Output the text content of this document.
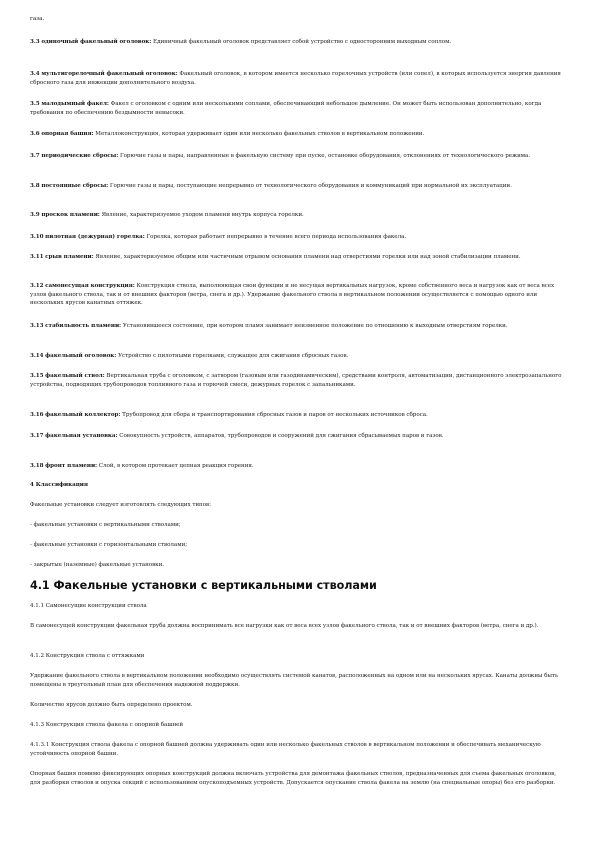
газа.

3.3 одиночный факельный оголовок: Единичный факельный оголовок представляет собой устройство с односторонним выходным соплом.

3.4 мультигорелочный факельный оголовок: Факельный оголовок, в котором имеется несколько горелочных устройств (или сопел), в которых используется энергия давления сбросного газа для инжекции дополнительного воздуха.

3.5 малодымный факел: Факел с оголовком с одним или несколькими соплами, обеспечивающий небольшое дымление. Он может быть использован дополнительно, когда требования по обеспечению бездымности невысоки.

3.6 опорная башня: Металлоконструкция, которая удерживает один или несколько факельных стволов в вертикальном положении.

3.7 периодические сбросы: Горючие газы и пары, направленные в факельную систему при пуске, остановке оборудования, отклонениях от технологического режима.

3.8 постоянные сбросы: Горючие газы и пары, поступающие непрерывно от технологического оборудования и коммуникаций при нормальной их эксплуатации.

3.9 проскок пламени: Явление, характеризуемое уходом пламени внутрь корпуса горелки.

3.10 пилотная (дежурная) горелка: Горелка, которая работает непрерывно в течение всего периода использования факела.

3.11 срыв пламени: Явление, характеризуемое общим или частичным отрывом основания пламени над отверстиями горелки или над зоной стабилизации пламени.

3.12 самонесущая конструкция: Конструкция ствола, выполняющая свои функции и не несущая вертикальных нагрузок, кроме собственного веса и нагрузок как от веса всех узлов факельного ствола, так и от внешних факторов (ветра, снега и др.). Удержание факельного ствола в вертикальном положении осуществляется с помощью одного или нескольких ярусов канатных оттяжек.

3.13 стабильность пламени: Установившееся состояние, при котором пламя занимает неизменное положение по отношению к выходным отверстиям горелки.

3.14 факельный оголовок: Устройство с пилотными горелками, служащее для сжигания сбросных газов.

3.15 факельный ствол: Вертикальная труба с оголовком, с затвором (газовым или газодинамическим), средствами контроля, автоматизации, дистанционного электрозапального устройства, подводящих трубопроводов топливного газа и горючей смеси, дежурных горелок с запальниками.

3.16 факельный коллектор: Трубопровод для сбора и транспортирования сбросных газов и паров от нескольких источников сброса.

3.17 факельная установка: Совокупность устройств, аппаратов, трубопроводов и сооружений для сжигания сбрасываемых паров и газов.

3.18 фронт пламени: Слой, в котором протекает цепная реакция горения.

4 Классификация

Факельные установки следует изготовлять следующих типов:

- факельные установки с вертикальными стволами;

- факельные установки с горизонтальными стволами;

- закрытые (наземные) факельные установки.

4.1 Факельные установки с вертикальными стволами

4.1.1 Самонесущие конструкции ствола

В самонесущей конструкции факельная труба должна воспринимать все нагрузки как от веса всех узлов факельного ствола, так и от внешних факторов (ветра, снега и др.).

4.1.2 Конструкция ствола с оттяжками

Удержание факельного ствола в вертикальном положении необходимо осуществлять системой канатов, расположенных на одном или на нескольких ярусах. Канаты должны быть помещены в треугольный план для обеспечения надежной поддержки.

Количество ярусов должно быть определено проектом.

4.1.3 Конструкция ствола факела с опорной башней

4.1.3.1 Конструкция ствола факела с опорной башней должна удерживать один или несколько факельных стволов в вертикальном положении и обеспечивать механическую устойчивость опорной башни.

Опорная башня помимо фиксирующих опорных конструкций должна включать устройства для демонтажа факельных стволов, предназначенных для съема факельных оголовков, для разборки стволов и опуска секций с использованием опускоподъемных устройств. Допускается опускание ствола факела на землю (на специальные опоры) без его разборки.
